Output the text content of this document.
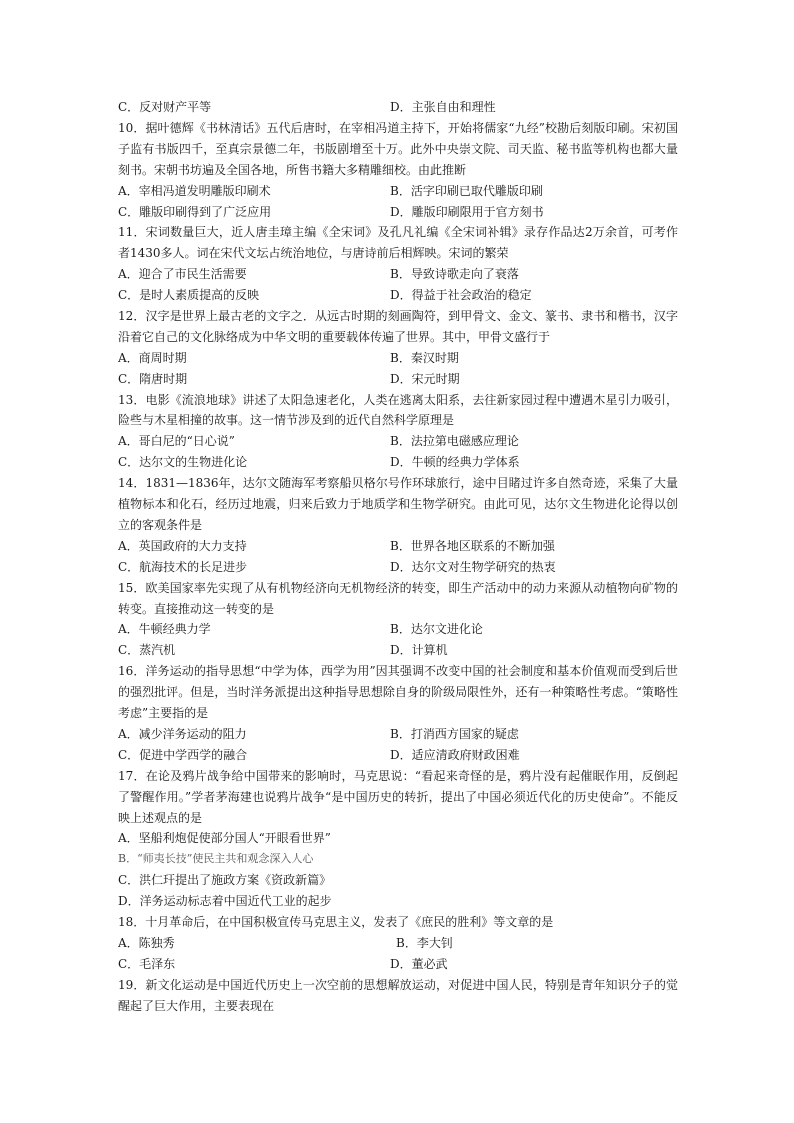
C．反对财产平等	D．主张自由和理性
10．据叶德辉《书林清话》五代后唐时，在宰相冯道主持下，开始将儒家“九经”校勘后刻版印刷。宋初国子监有书版四千，至真宗景德二年，书版剧增至十万。此外中央崇文院、司天监、秘书监等机构也都大量刻书。宋朝书坊遍及全国各地，所售书籍大多精雕细校。由此推断
A．宰相冯道发明雕版印刷术	B．活字印刷已取代雕版印刷
C．雕版印刷得到了广泛应用	D．雕版印刷限用于官方刻书
11．宋词数量巨大，近人唐圭璋主编《全宋词》及孔凡礼编《全宋词补辑》录存作品达2万余首，可考作者1430多人。词在宋代文坛占统治地位，与唐诗前后相辉映。宋词的繁荣
A．迎合了市民生活需要	B．导致诗歌走向了衰落
C．是时人素质提高的反映	D．得益于社会政治的稳定
12．汉字是世界上最古老的文字之．从远古时期的刻画陶符，到甲骨文、金文、篆书、隶书和楷书，汉字沿着它自己的文化脉络成为中华文明的重要载体传遍了世界。其中，甲骨文盛行于
A．商周时期	B．秦汉时期
C．隋唐时期	D．宋元时期
13．电影《流浪地球》讲述了太阳急速老化，人类在逃离太阳系，去往新家园过程中遭遇木星引力吸引，险些与木星相撞的故事。这一情节涉及到的近代自然科学原理是
A．哥白尼的“日心说”	B．法拉第电磁感应理论
C．达尔文的生物进化论	D．牛顿的经典力学体系
14．1831—1836年，达尔文随海军考察船贝格尔号作环球旅行，途中目睹过许多自然奇迹，采集了大量植物标本和化石，经历过地震，归来后致力于地质学和生物学研究。由此可见，达尔文生物进化论得以创立的客观条件是
A．英国政府的大力支持	B．世界各地区联系的不断加强
C．航海技术的长足进步	D．达尔文对生物学研究的热衷
15．欧美国家率先实现了从有机物经济向无机物经济的转变，即生产活动中的动力来源从动植物向矿物的转变。直接推动这一转变的是
A．牛顿经典力学	B．达尔文进化论
C．蒸汽机	D．计算机
16．洋务运动的指导思想“中学为体，西学为用”因其强调不改变中国的社会制度和基本价值观而受到后世的强烈批评。但是，当时洋务派提出这种指导思想除自身的阶级局限性外，还有一种策略性考虑。“策略性考虑”主要指的是
A．减少洋务运动的阻力	B．打消西方国家的疑虑
C．促进中学西学的融合	D．适应清政府财政困难
17．在论及鸦片战争给中国带来的影响时，马克思说：“看起来奇怪的是，鸦片没有起催眠作用，反倒起了警醒作用。”学者茅海建也说鸦片战争“是中国历史的转折，提出了中国必须近代化的历史使命”。不能反映上述观点的是
A．坚船利炮促使部分国人“开眼看世界”
B．“师夷长技”使民主共和观念深入人心
C．洪仁玕提出了施政方案《资政新篇》
D．洋务运动标志着中国近代工业的起步
18．十月革命后，在中国积极宣传马克思主义，发表了《庶民的胜利》等文章的是
A．陈独秀	B．李大钊
C．毛泽东	D．董必武
19．新文化运动是中国近代历史上一次空前的思想解放运动，对促进中国人民，特别是青年知识分子的觉醒起了巨大作用，主要表现在
